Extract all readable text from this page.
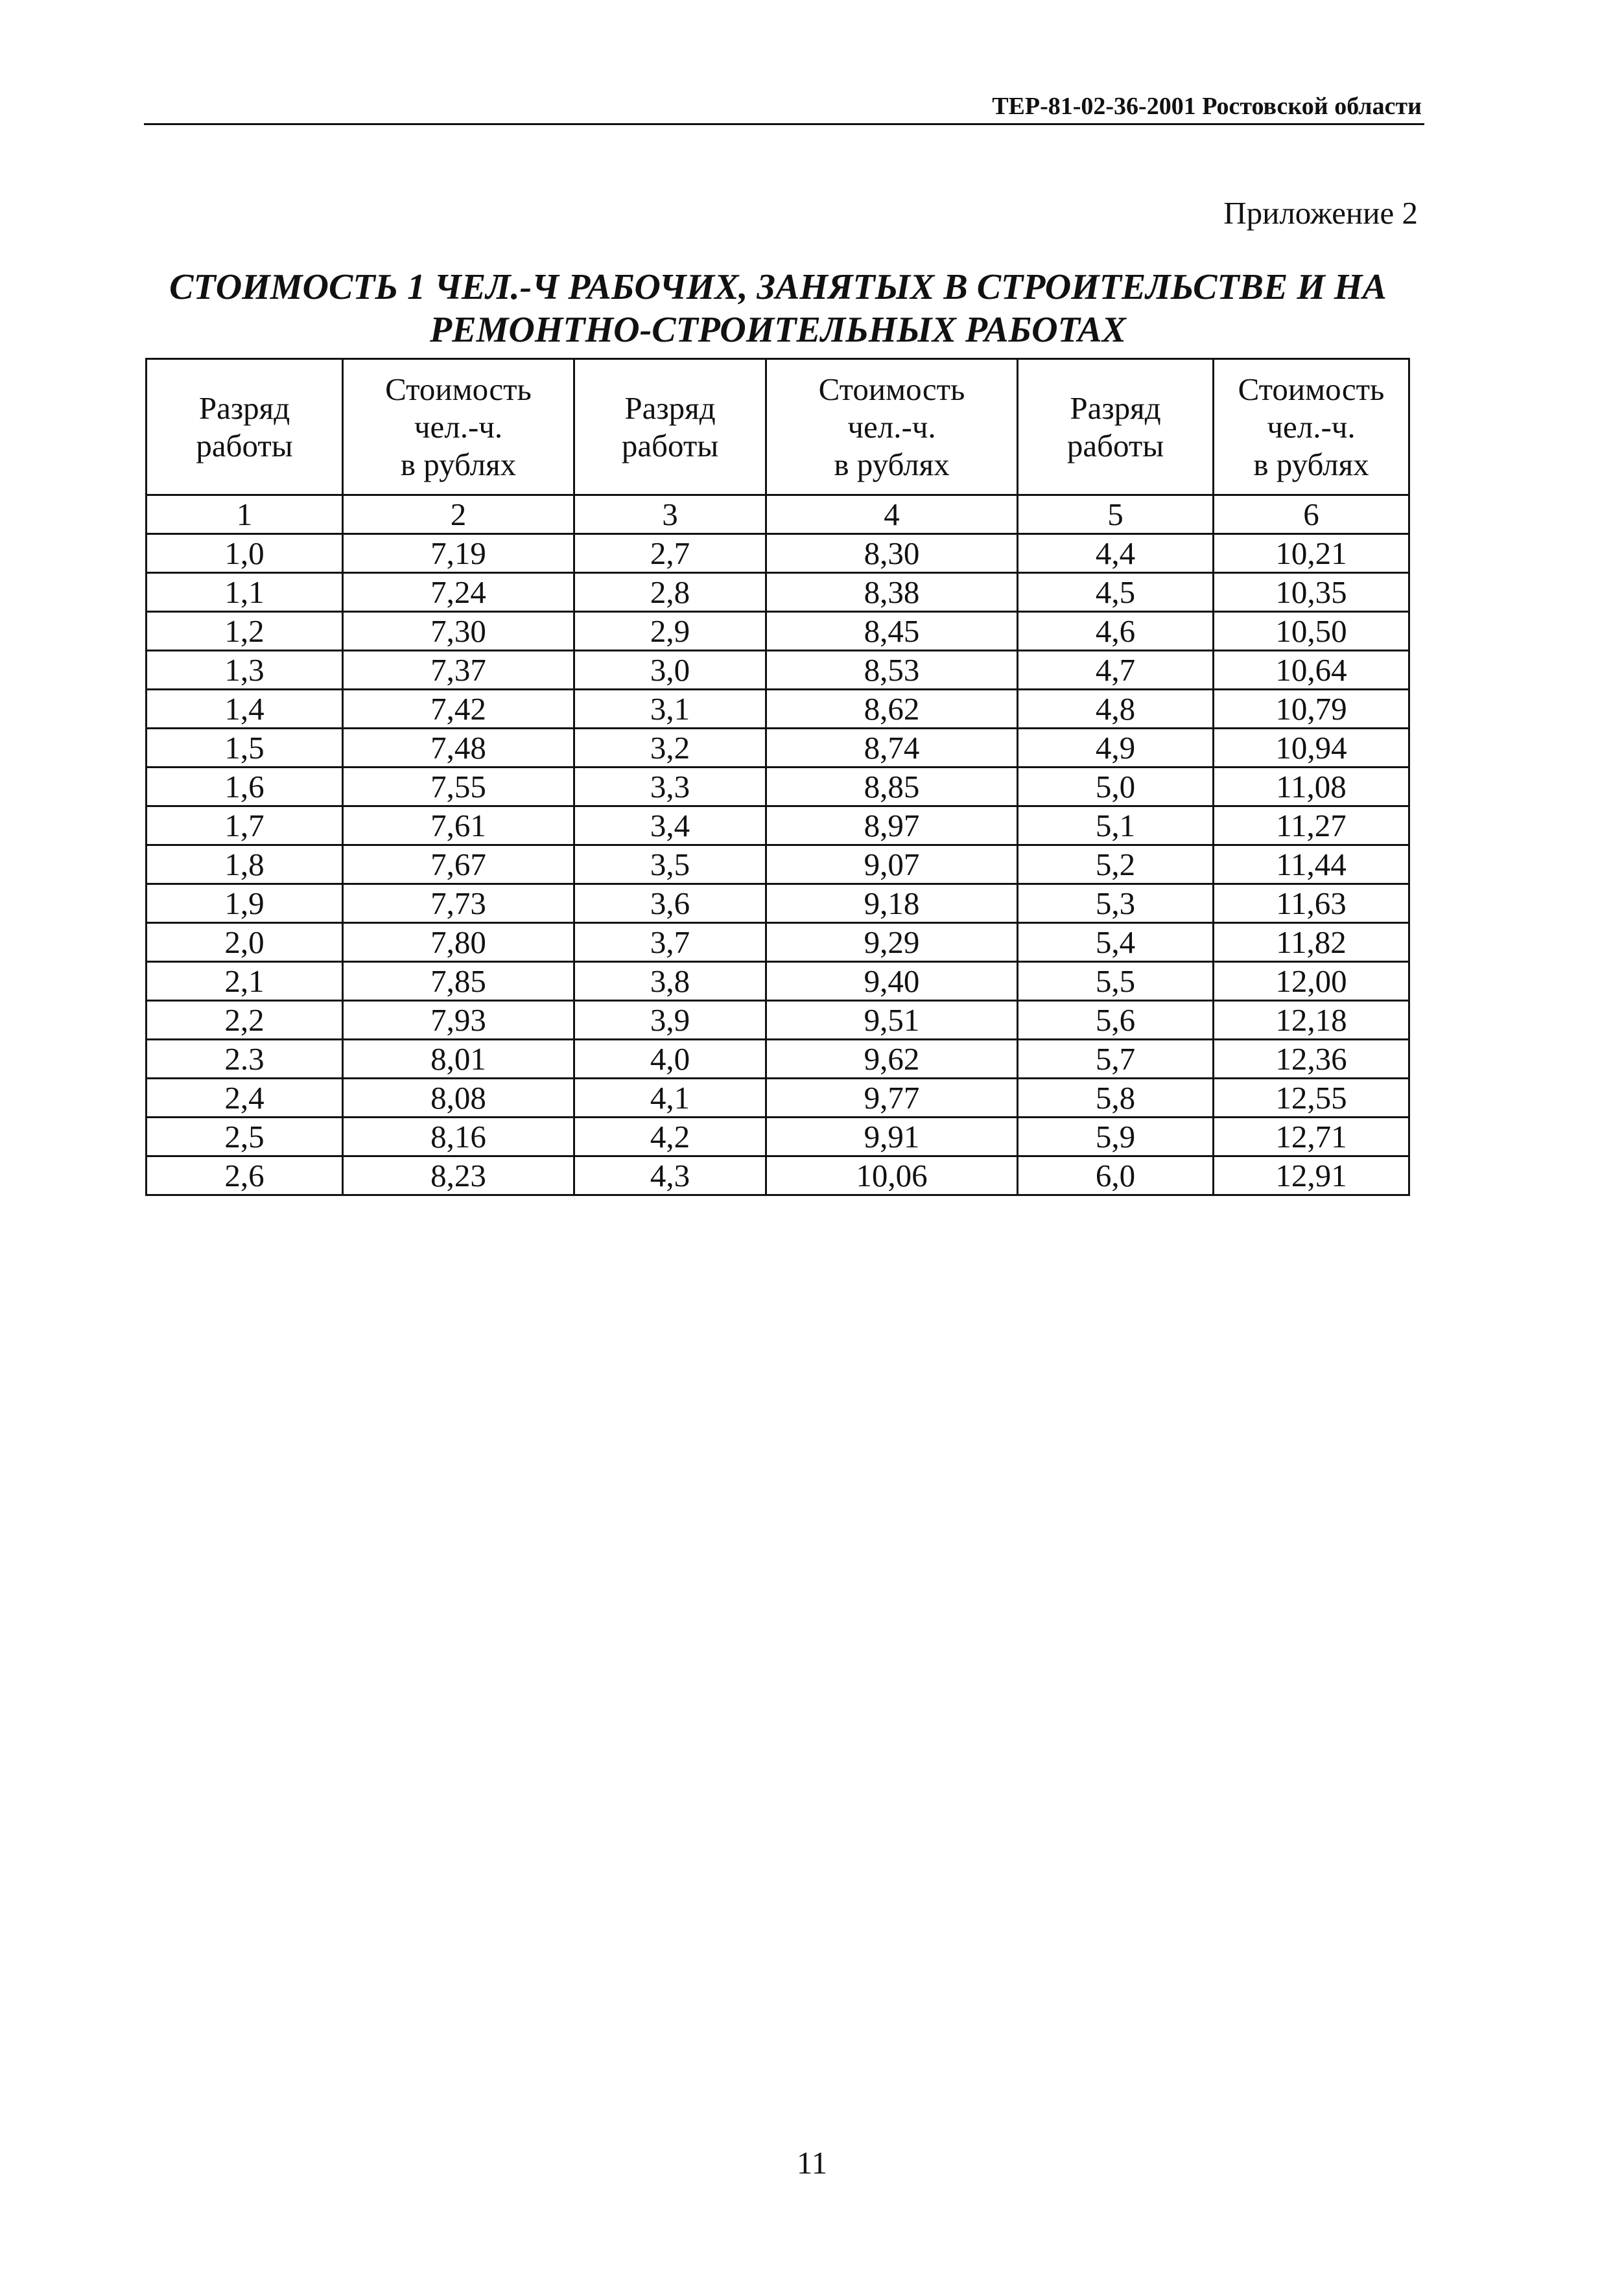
ТЕР-81-02-36-2001 Ростовской области
Приложение 2
СТОИМОСТЬ 1 ЧЕЛ.-Ч РАБОЧИХ, ЗАНЯТЫХ В СТРОИТЕЛЬСТВЕ И НА
РЕМОНТНО-СТРОИТЕЛЬНЫХ РАБОТАХ
Разряд
работы	Стоимость
чел.-ч.
в рублях	Разряд
работы	Стоимость
чел.-ч.
в рублях	Разряд
работы	Стоимость
чел.-ч.
в рублях

1	2	3	4	5	6
1,0	7,19	2,7	8,30	4,4	10,21
1,1	7,24	2,8	8,38	4,5	10,35
1,2	7,30	2,9	8,45	4,6	10,50
1,3	7,37	3,0	8,53	4,7	10,64
1,4	7,42	3,1	8,62	4,8	10,79
1,5	7,48	3,2	8,74	4,9	10,94
1,6	7,55	3,3	8,85	5,0	11,08
1,7	7,61	3,4	8,97	5,1	11,27
1,8	7,67	3,5	9,07	5,2	11,44
1,9	7,73	3,6	9,18	5,3	11,63
2,0	7,80	3,7	9,29	5,4	11,82
2,1	7,85	3,8	9,40	5,5	12,00
2,2	7,93	3,9	9,51	5,6	12,18
2.3	8,01	4,0	9,62	5,7	12,36
2,4	8,08	4,1	9,77	5,8	12,55
2,5	8,16	4,2	9,91	5,9	12,71
2,6	8,23	4,3	10,06	6,0	12,91
11
